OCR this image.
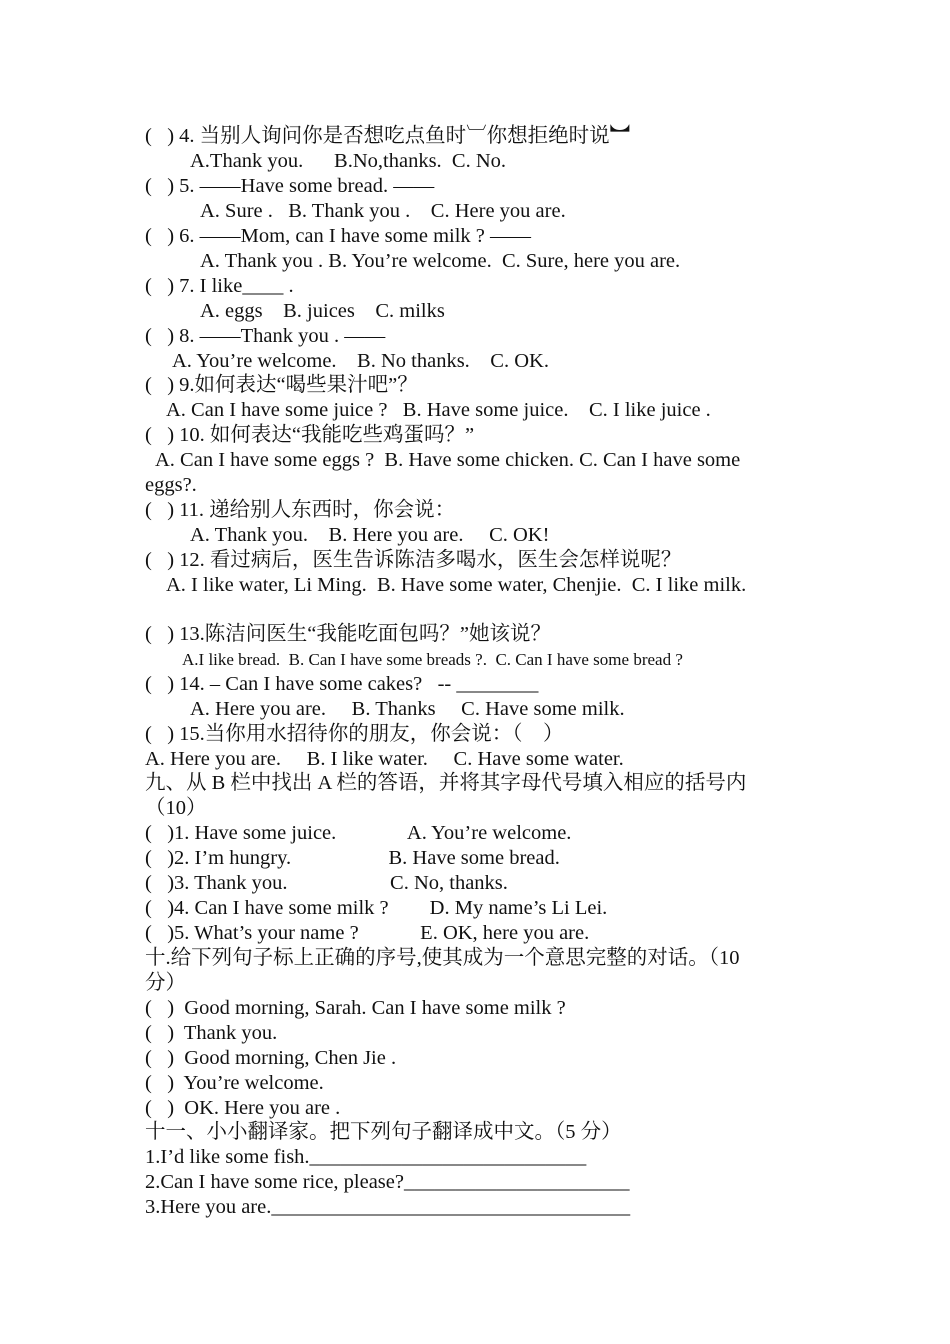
(   ) 4. 当别人询问你是否想吃点鱼时︺你想拒绝时说︼
A.Thank you.      B.No,thanks.  C. No.
(   ) 5. ——Have some bread. ——
A. Sure .   B. Thank you .    C. Here you are.
(   ) 6. ——Mom, can I have some milk ? ——
A. Thank you . B. You’re welcome.  C. Sure, here you are.
(   ) 7. I like____ .
A. eggs    B. juices    C. milks
(   ) 8. ——Thank you . ——
A. You’re welcome.    B. No thanks.    C. OK.
(   ) 9.如何表达“喝些果汁吧”？
A. Can I have some juice ?   B. Have some juice.    C. I like juice .
(   ) 10. 如何表达“我能吃些鸡蛋吗？”
A. Can I have some eggs ?  B. Have some chicken. C. Can I have some
eggs?.
(   ) 11. 递给别人东西时，你会说：
A. Thank you.    B. Here you are.     C. OK!
(   ) 12. 看过病后，医生告诉陈洁多喝水，医生会怎样说呢？
A. I like water, Li Ming.  B. Have some water, Chenjie.  C. I like milk.
(   ) 13.陈洁问医生“我能吃面包吗？”她该说？
A.I like bread.  B. Can I have some breads ?.  C. Can I have some bread ?
(   ) 14. – Can I have some cakes?   -- ________
A. Here you are.     B. Thanks     C. Have some milk.
(   ) 15.当你用水招待你的朋友，你会说：（    ）
A. Here you are.     B. I like water.     C. Have some water.
九、从 B 栏中找出 A 栏的答语，并将其字母代号填入相应的括号内
（10）
(   )1. Have some juice.              A. You’re welcome.
(   )2. I’m hungry.                   B. Have some bread.
(   )3. Thank you.                    C. No, thanks.
(   )4. Can I have some milk ?        D. My name’s Li Lei.
(   )5. What’s your name ?            E. OK, here you are.
十.给下列句子标上正确的序号,使其成为一个意思完整的对话。（10
分）
(   )  Good morning, Sarah. Can I have some milk ?
(   )  Thank you.
(   )  Good morning, Chen Jie .
(   )  You’re welcome.
(   )  OK. Here you are .
十一、小小翻译家。把下列句子翻译成中文。（5 分）
1.I’d like some fish.___________________________
2.Can I have some rice, please?______________________
3.Here you are.___________________________________
